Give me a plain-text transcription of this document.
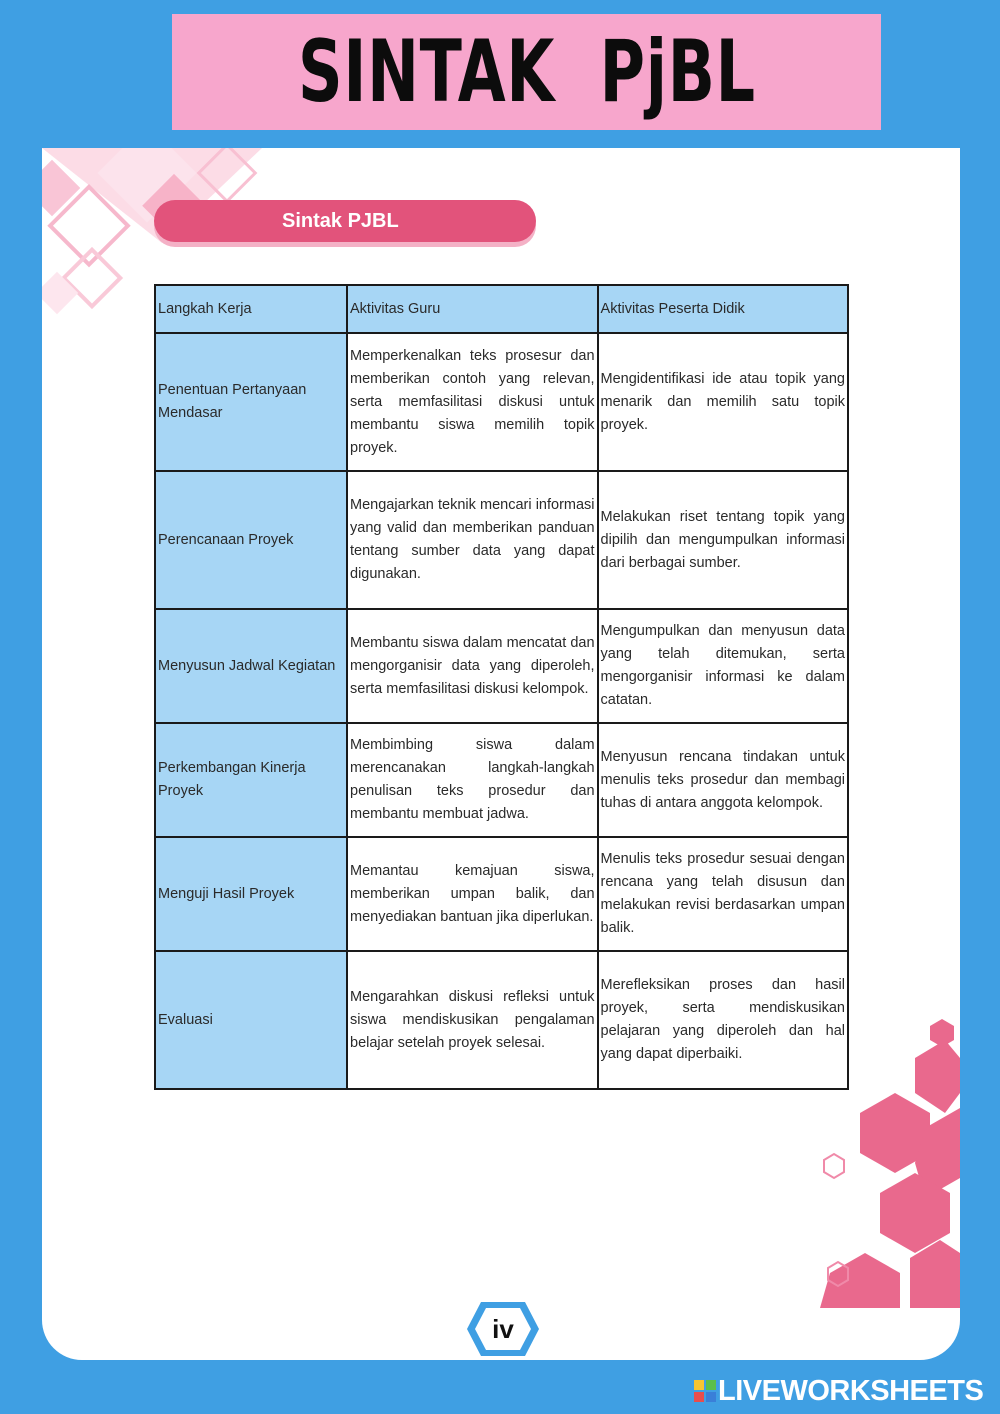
SINTAK  PjBL
Sintak PJBL
Langkah Kerja	Aktivitas Guru	Aktivitas Peserta Didik
Penentuan Pertanyaan Mendasar	Memperkenalkan teks prosesur dan memberikan contoh yang relevan, serta memfasilitasi diskusi untuk membantu siswa memilih topik proyek.	Mengidentifikasi ide atau topik yang menarik dan memilih satu topik proyek.
Perencanaan Proyek	Mengajarkan teknik mencari informasi yang valid dan memberikan panduan tentang sumber data yang dapat digunakan.	Melakukan riset tentang topik yang dipilih dan mengumpulkan informasi dari berbagai sumber.
Menyusun Jadwal Kegiatan	Membantu siswa dalam mencatat dan mengorganisir data yang diperoleh, serta memfasilitasi diskusi kelompok.	Mengumpulkan dan menyusun data yang telah ditemukan, serta mengorganisir informasi ke dalam catatan.
Perkembangan Kinerja Proyek	Membimbing siswa dalam merencanakan langkah-langkah penulisan teks prosedur dan membantu membuat jadwa.	Menyusun rencana tindakan untuk menulis teks prosedur dan membagi tuhas di antara anggota kelompok.
Menguji Hasil Proyek	Memantau kemajuan siswa, memberikan umpan balik, dan menyediakan bantuan jika diperlukan.	Menulis teks prosedur sesuai dengan rencana yang telah disusun dan melakukan revisi berdasarkan umpan balik.
Evaluasi	Mengarahkan diskusi refleksi untuk siswa mendiskusikan pengalaman belajar setelah proyek selesai.	Merefleksikan proses dan hasil proyek, serta mendiskusikan pelajaran yang diperoleh dan hal yang dapat diperbaiki.
iv
LIVEWORKSHEETS
